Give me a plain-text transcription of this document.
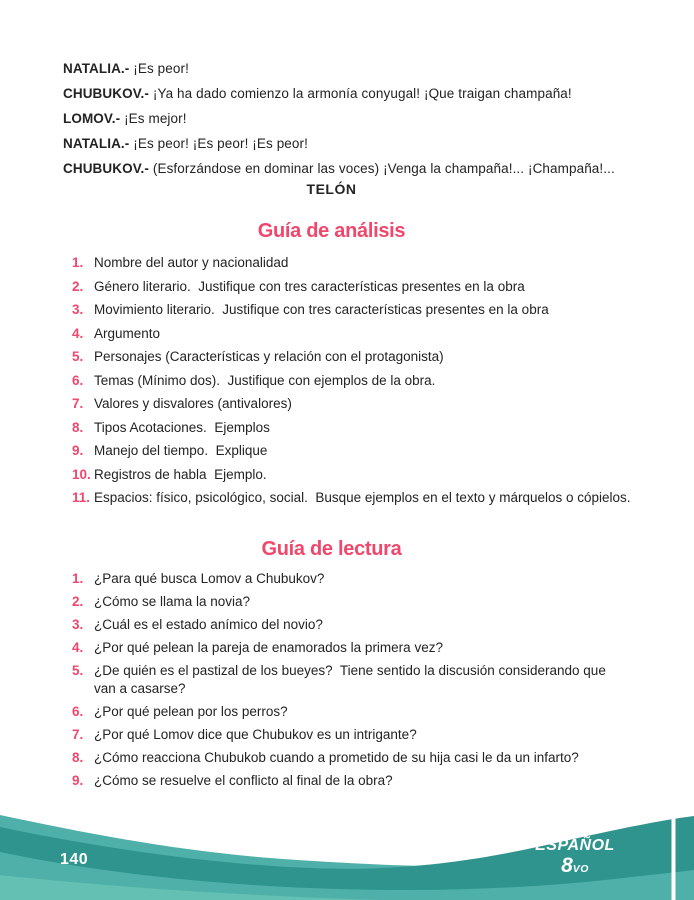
NATALIA.- ¡Es peor!
CHUBUKOV.- ¡Ya ha dado comienzo la armonía conyugal! ¡Que traigan champaña!
LOMOV.- ¡Es mejor!
NATALIA.- ¡Es peor! ¡Es peor! ¡Es peor!
CHUBUKOV.- (Esforzándose en dominar las voces) ¡Venga la champaña!... ¡Champaña!...
TELÓN
Guía de análisis
1. Nombre del autor y nacionalidad
2. Género literario.  Justifique con tres características presentes en la obra
3. Movimiento literario.  Justifique con tres características presentes en la obra
4. Argumento
5. Personajes (Características y relación con el protagonista)
6. Temas (Mínimo dos).  Justifique con ejemplos de la obra.
7. Valores y disvalores (antivalores)
8. Tipos Acotaciones.  Ejemplos
9. Manejo del tiempo.  Explique
10. Registros de habla  Ejemplo.
11. Espacios: físico, psicológico, social.  Busque ejemplos en el texto y márquelos o cópielos.
Guía de lectura
1. ¿Para qué busca Lomov a Chubukov?
2. ¿Cómo se llama la novia?
3. ¿Cuál es el estado anímico del novio?
4. ¿Por qué pelean la pareja de enamorados la primera vez?
5. ¿De quién es el pastizal de los bueyes?  Tiene sentido la discusión considerando que van a casarse?
6. ¿Por qué pelean por los perros?
7. ¿Por qué Lomov dice que Chubukov es un intrigante?
8. ¿Cómo reacciona Chubukob cuando a prometido de su hija casi le da un infarto?
9. ¿Cómo se resuelve el conflicto al final de la obra?
140
ESPAÑOL
8VO
